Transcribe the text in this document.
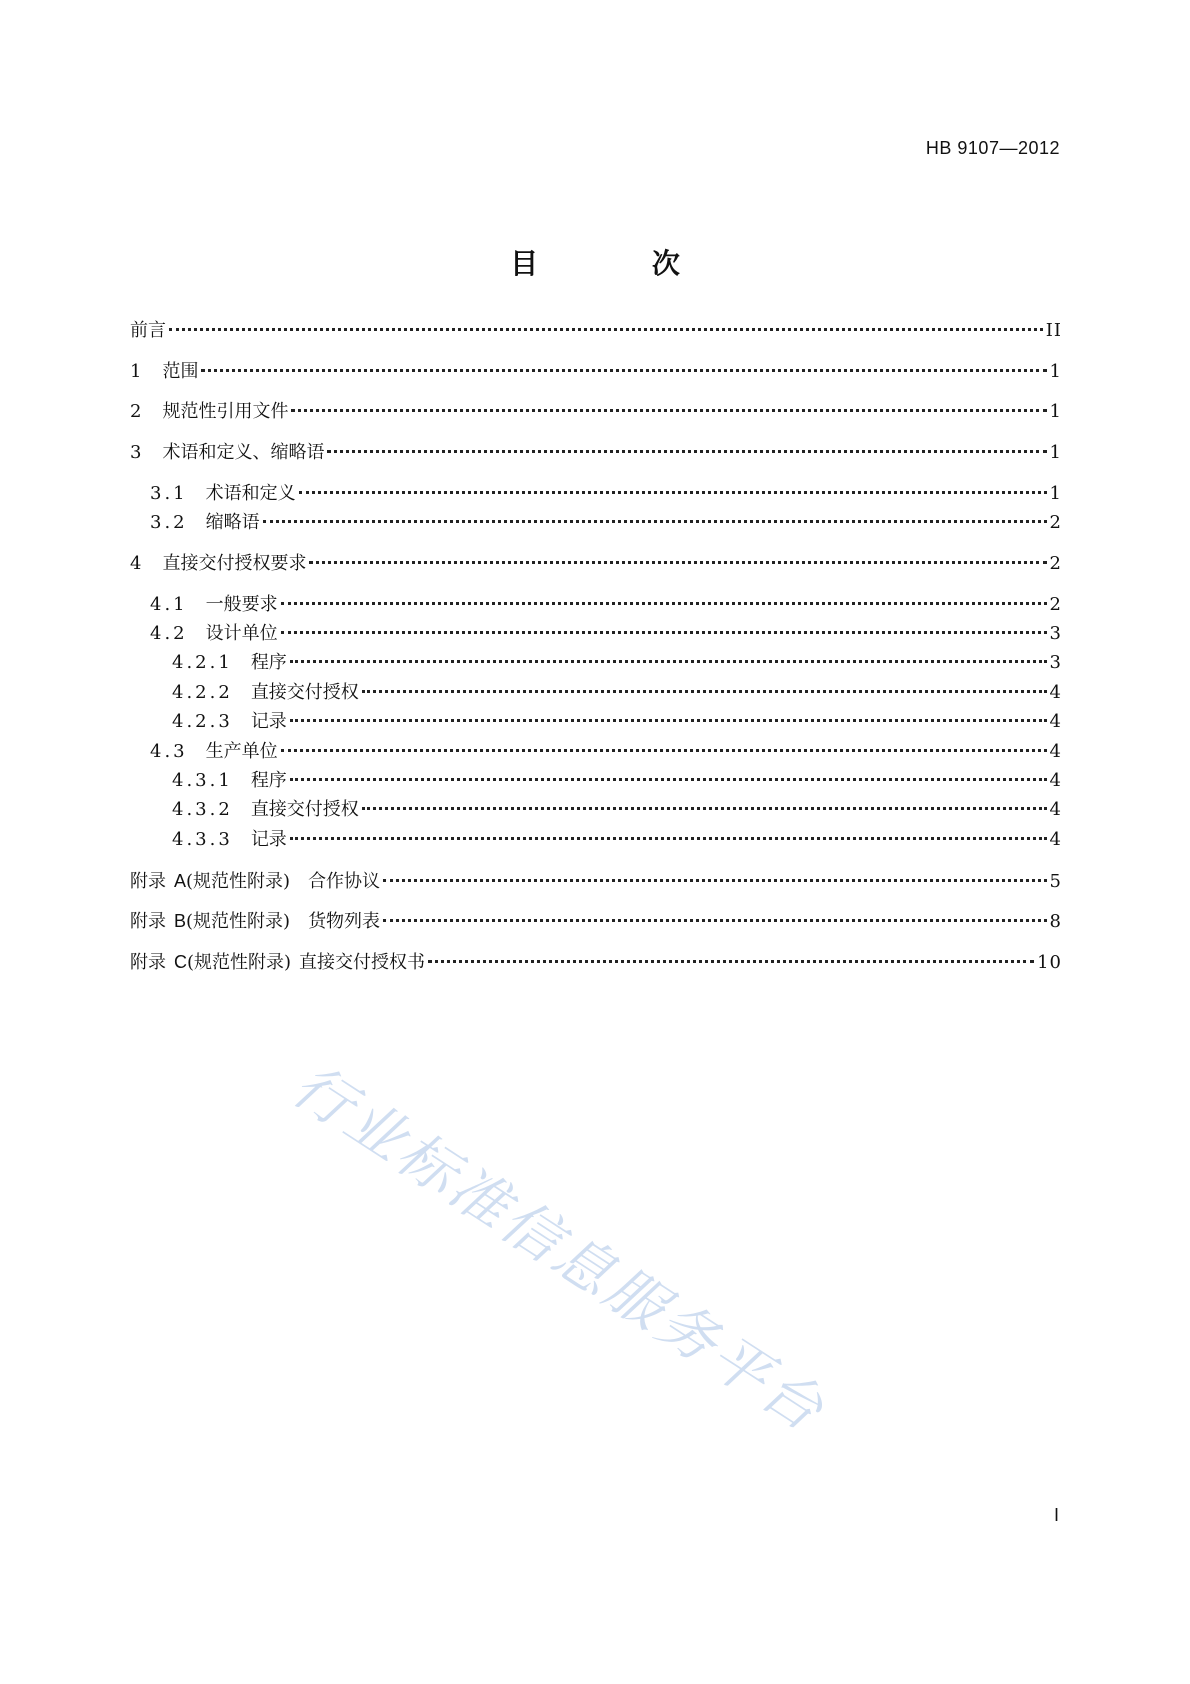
HB 9107—2012
目 次
前言	II
1 范围	1
2 规范性引用文件	1
3 术语和定义、缩略语	1
3.1 术语和定义	1
3.2 缩略语	2
4 直接交付授权要求	2
4.1 一般要求	2
4.2 设计单位	3
4.2.1 程序	3
4.2.2 直接交付授权	4
4.2.3 记录	4
4.3 生产单位	4
4.3.1 程序	4
4.3.2 直接交付授权	4
4.3.3 记录	4
附录 A (规范性附录) 合作协议	5
附录 B (规范性附录) 货物列表	8
附录 C (规范性附录) 直接交付授权书	10
行业标准信息服务平台
I
